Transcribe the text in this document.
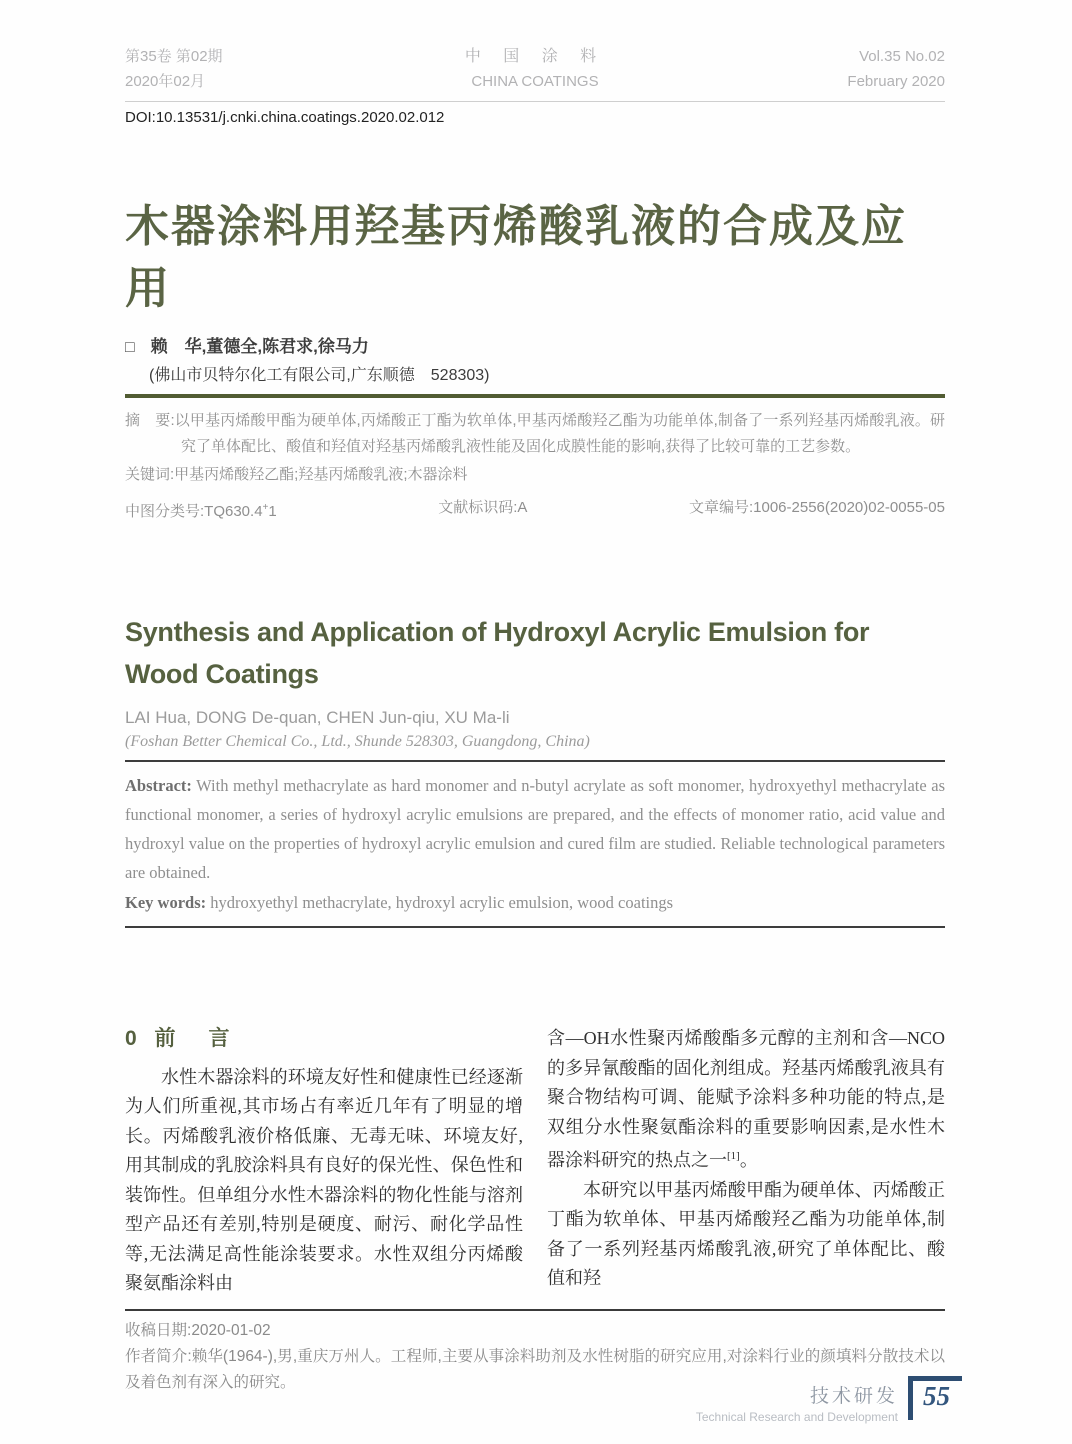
第35卷 第02期
2020年02月
中 国 涂 料
CHINA COATINGS
Vol.35 No.02
February 2020
DOI:10.13531/j.cnki.china.coatings.2020.02.012
木器涂料用羟基丙烯酸乳液的合成及应用
□ 赖　华,董德全,陈君求,徐马力
(佛山市贝特尔化工有限公司,广东顺德　528303)

摘　要:以甲基丙烯酸甲酯为硬单体,丙烯酸正丁酯为软单体,甲基丙烯酸羟乙酯为功能单体,制备了一系列羟基丙烯酸乳液。研究了单体配比、酸值和羟值对羟基丙烯酸乳液性能及固化成膜性能的影响,获得了比较可靠的工艺参数。

关键词:甲基丙烯酸羟乙酯;羟基丙烯酸乳液;木器涂料

中图分类号:TQ630.4+1	文献标识码:A	文章编号:1006-2556(2020)02-0055-05
Synthesis and Application of Hydroxyl Acrylic Emulsion for Wood Coatings
LAI Hua, DONG De-quan, CHEN Jun-qiu, XU Ma-li
(Foshan Better Chemical Co., Ltd., Shunde 528303, Guangdong, China)

Abstract: With methyl methacrylate as hard monomer and n-butyl acrylate as soft monomer, hydroxyethyl methacrylate as functional monomer, a series of hydroxyl acrylic emulsions are prepared, and the effects of monomer ratio, acid value and hydroxyl value on the properties of hydroxyl acrylic emulsion and cured film are studied. Reliable technological parameters are obtained.

Key words: hydroxyethyl methacrylate, hydroxyl acrylic emulsion, wood coatings

0 前　言

水性木器涂料的环境友好性和健康性已经逐渐为人们所重视,其市场占有率近几年有了明显的增长。丙烯酸乳液价格低廉、无毒无味、环境友好,用其制成的乳胶涂料具有良好的保光性、保色性和装饰性。但单组分水性木器涂料的物化性能与溶剂型产品还有差别,特别是硬度、耐污、耐化学品性等,无法满足高性能涂装要求。水性双组分丙烯酸聚氨酯涂料由

含—OH水性聚丙烯酸酯多元醇的主剂和含—NCO的多异氰酸酯的固化剂组成。羟基丙烯酸乳液具有聚合物结构可调、能赋予涂料多种功能的特点,是双组分水性聚氨酯涂料的重要影响因素,是水性木器涂料研究的热点之一[1]。

本研究以甲基丙烯酸甲酯为硬单体、丙烯酸正丁酯为软单体、甲基丙烯酸羟乙酯为功能单体,制备了一系列羟基丙烯酸乳液,研究了单体配比、酸值和羟

收稿日期:2020-01-02
作者简介:赖华(1964-),男,重庆万州人。工程师,主要从事涂料助剂及水性树脂的研究应用,对涂料行业的颜填料分散技术以及着色剂有深入的研究。
技术研发
Technical Research and Development
55
